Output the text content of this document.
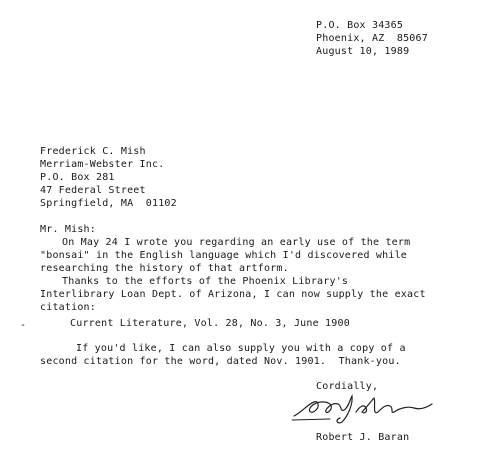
P.O. Box 34365
Phoenix, AZ  85067
August 10, 1989
Frederick C. Mish
Merriam-Webster Inc.
P.O. Box 281
47 Federal Street
Springfield, MA  01102
Mr. Mish:
On May 24 I wrote you regarding an early use of the term
"bonsai" in the English language which I'd discovered while
researching the history of that artform.
Thanks to the efforts of the Phoenix Library's
Interlibrary Loan Dept. of Arizona, I can now supply the exact
citation:
-	Current Literature, Vol. 28, No. 3, June 1900
If you'd like, I can also supply you with a copy of a
second citation for the word, dated Nov. 1901.  Thank-you.
Cordially,
Robert J. Baran
